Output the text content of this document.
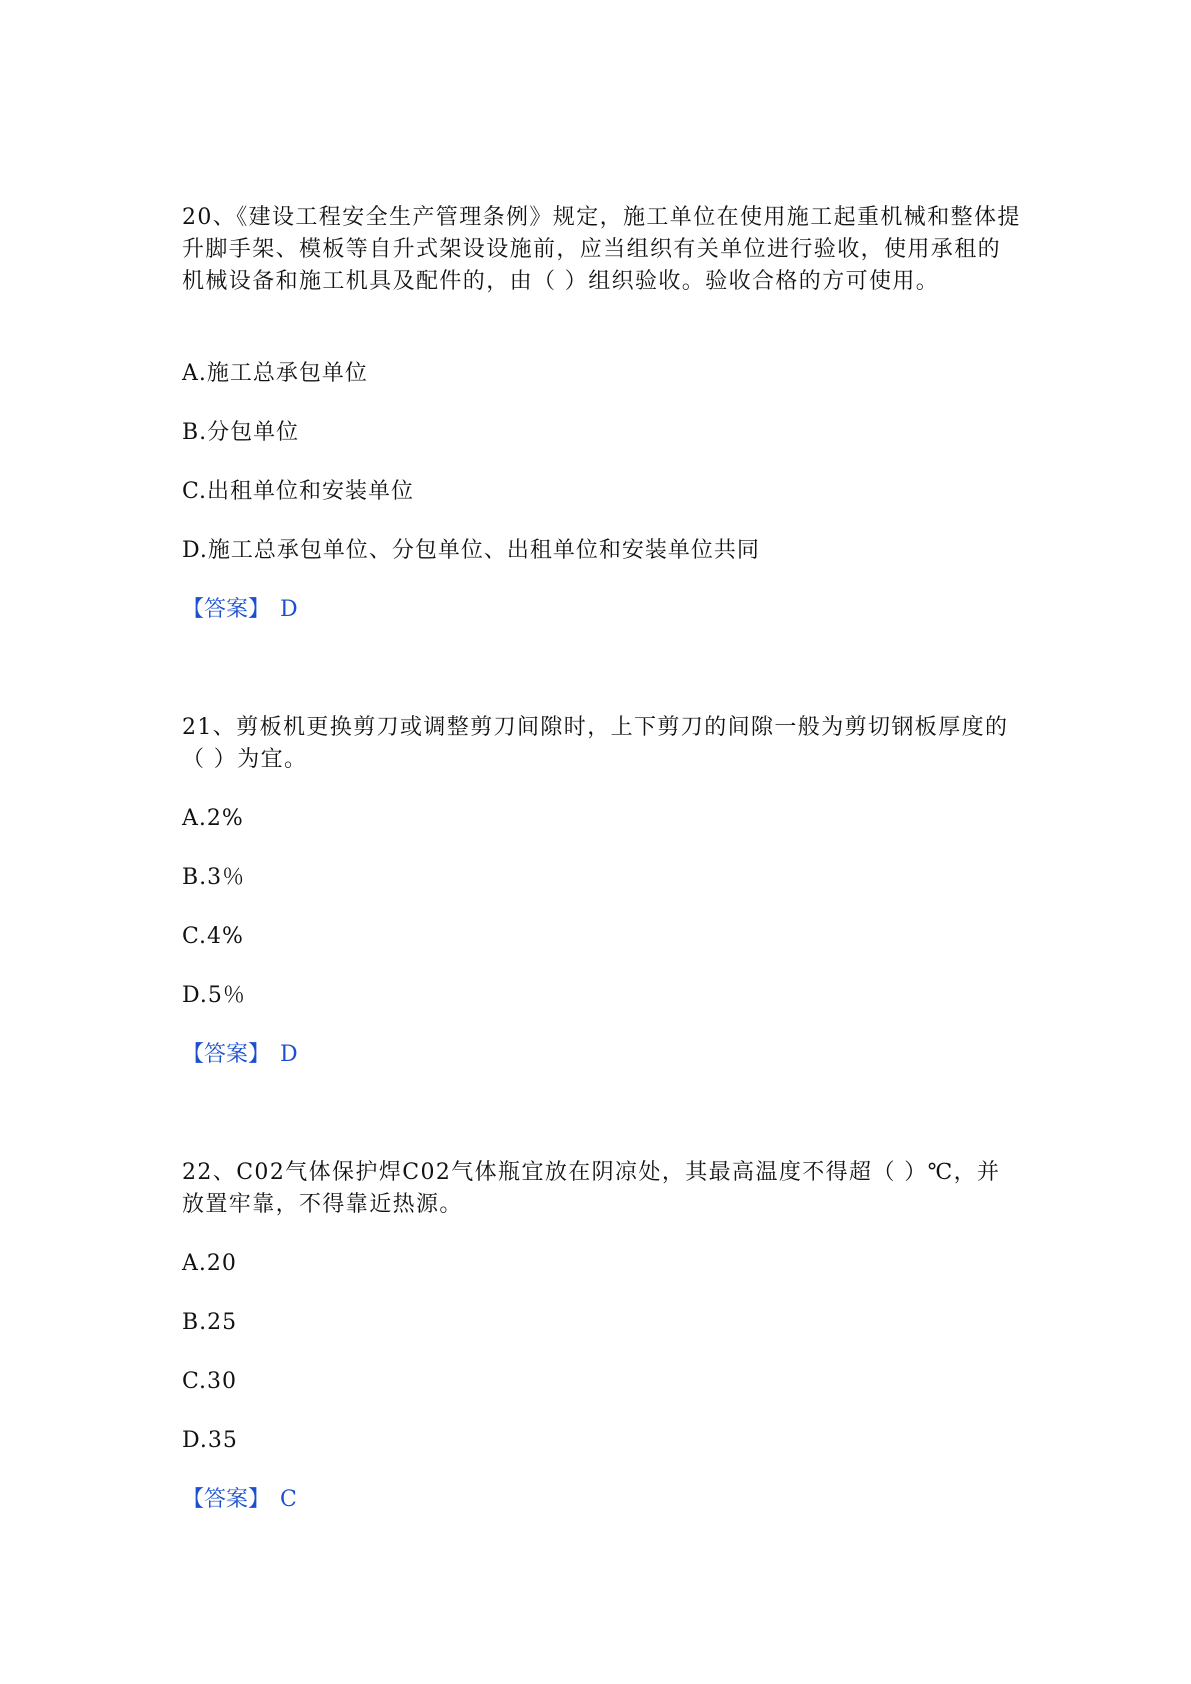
20、《建设工程安全生产管理条例》规定，施工单位在使用施工起重机械和整体提升脚手架、模板等自升式架设设施前，应当组织有关单位进行验收，使用承租的机械设备和施工机具及配件的，由（ ）组织验收。验收合格的方可使用。

A.施工总承包单位

B.分包单位

C.出租单位和安装单位

D.施工总承包单位、分包单位、出租单位和安装单位共同

【答案】 D

21、剪板机更换剪刀或调整剪刀间隙时，上下剪刀的间隙一般为剪切钢板厚度的（ ）为宜。

A.2%

B.3％

C.4%

D.5％

【答案】 D

22、C02气体保护焊C02气体瓶宜放在阴凉处，其最高温度不得超（ ）℃，并放置牢靠，不得靠近热源。

A.20

B.25

C.30

D.35

【答案】 C
